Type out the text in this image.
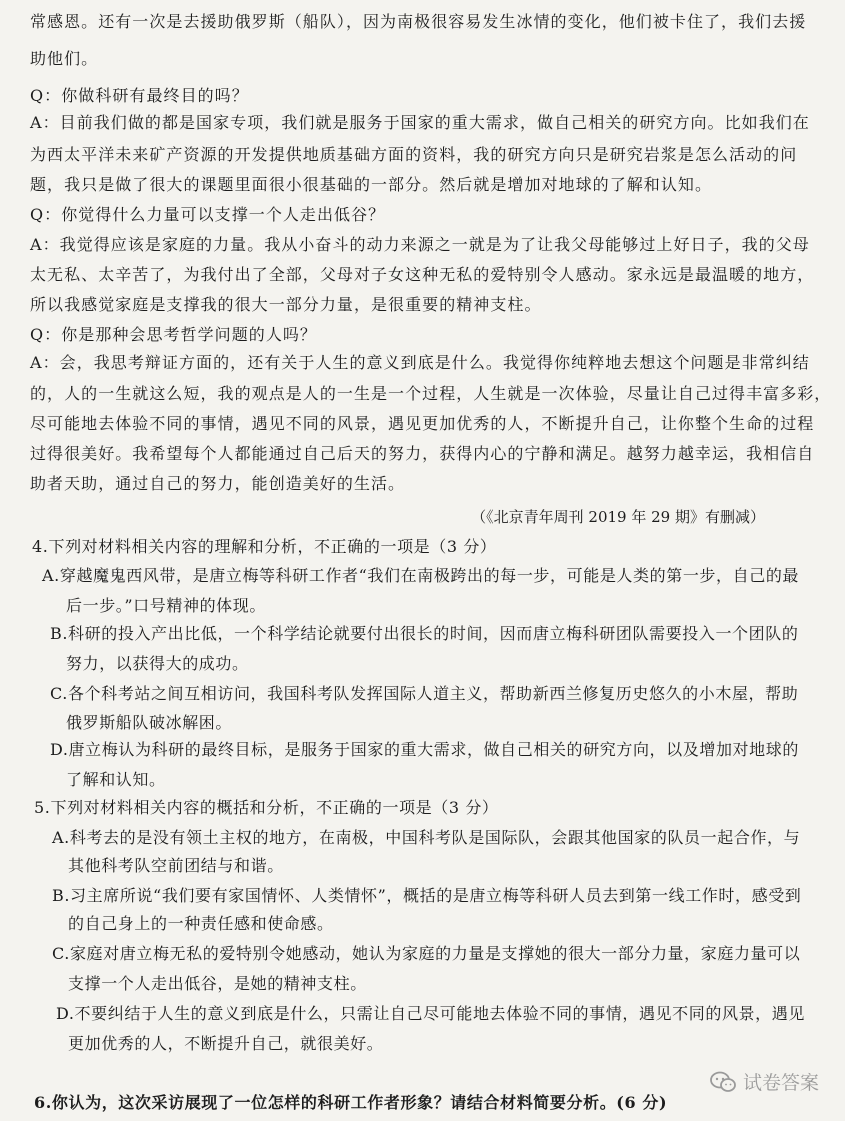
常感恩。还有一次是去援助俄罗斯（船队），因为南极很容易发生冰情的变化，他们被卡住了，我们去援
助他们。
Q：你做科研有最终目的吗？
A：目前我们做的都是国家专项，我们就是服务于国家的重大需求，做自己相关的研究方向。比如我们在
为西太平洋未来矿产资源的开发提供地质基础方面的资料，我的研究方向只是研究岩浆是怎么活动的问
题，我只是做了很大的课题里面很小很基础的一部分。然后就是增加对地球的了解和认知。
Q：你觉得什么力量可以支撑一个人走出低谷？
A：我觉得应该是家庭的力量。我从小奋斗的动力来源之一就是为了让我父母能够过上好日子，我的父母
太无私、太辛苦了，为我付出了全部，父母对子女这种无私的爱特别令人感动。家永远是最温暖的地方，
所以我感觉家庭是支撑我的很大一部分力量，是很重要的精神支柱。
Q：你是那种会思考哲学问题的人吗？
A：会，我思考辩证方面的，还有关于人生的意义到底是什么。我觉得你纯粹地去想这个问题是非常纠结
的，人的一生就这么短，我的观点是人的一生是一个过程，人生就是一次体验，尽量让自己过得丰富多彩，
尽可能地去体验不同的事情，遇见不同的风景，遇见更加优秀的人，不断提升自己，让你整个生命的过程
过得很美好。我希望每个人都能通过自己后天的努力，获得内心的宁静和满足。越努力越幸运，我相信自
助者天助，通过自己的努力，能创造美好的生活。
（《北京青年周刊 2019 年 29 期》有删减）
4.下列对材料相关内容的理解和分析，不正确的一项是（3 分）
A.穿越魔鬼西风带，是唐立梅等科研工作者“我们在南极跨出的每一步，可能是人类的第一步，自己的最
后一步。”口号精神的体现。
B.科研的投入产出比低，一个科学结论就要付出很长的时间，因而唐立梅科研团队需要投入一个团队的
努力，以获得大的成功。
C.各个科考站之间互相访问，我国科考队发挥国际人道主义，帮助新西兰修复历史悠久的小木屋，帮助
俄罗斯船队破冰解困。
D.唐立梅认为科研的最终目标，是服务于国家的重大需求，做自己相关的研究方向，以及增加对地球的
了解和认知。
5.下列对材料相关内容的概括和分析，不正确的一项是（3 分）
A.科考去的是没有领土主权的地方，在南极，中国科考队是国际队，会跟其他国家的队员一起合作，与
其他科考队空前团结与和谐。
B.习主席所说“我们要有家国情怀、人类情怀”，概括的是唐立梅等科研人员去到第一线工作时，感受到
的自己身上的一种责任感和使命感。
C.家庭对唐立梅无私的爱特别令她感动，她认为家庭的力量是支撑她的很大一部分力量，家庭力量可以
支撑一个人走出低谷，是她的精神支柱。
D.不要纠结于人生的意义到底是什么，只需让自己尽可能地去体验不同的事情，遇见不同的风景，遇见
更加优秀的人，不断提升自己，就很美好。
6.你认为，这次采访展现了一位怎样的科研工作者形象？请结合材料简要分析。(6 分)
试卷答案
